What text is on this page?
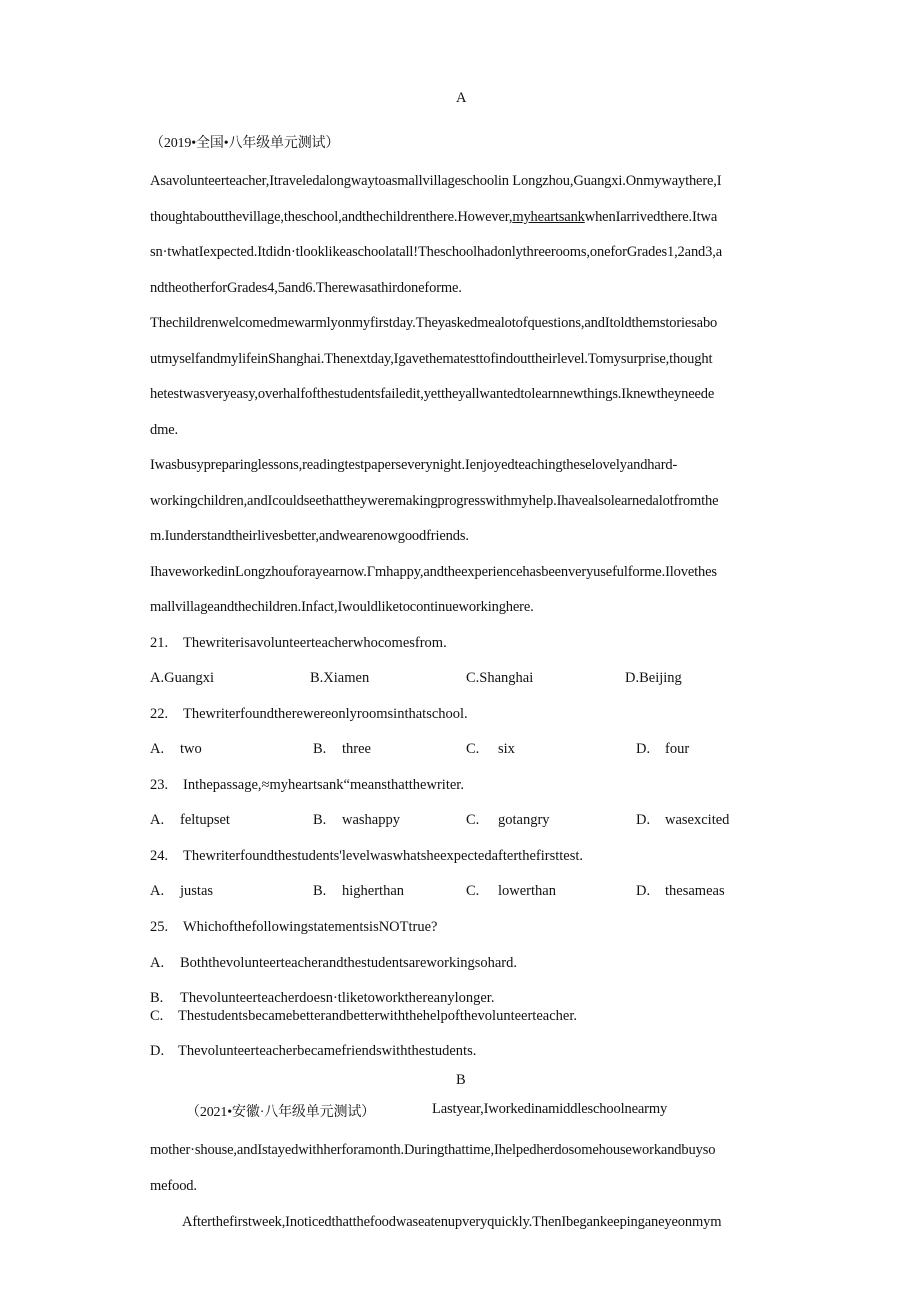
A
（2019•全国•八年级单元测试）
Asavolunteerteacher,Itraveledalongwaytoasmallvillageschoolin Longzhou,Guangxi.Onmywaythere,I
thoughtaboutthevillage,theschool,andthechildrenthere.However,myheartsankwhenIarrivedthere.Itwa
sn·twhatIexpected.Itdidn·tlooklikeaschoolatall!Theschoolhadonlythreerooms,oneforGrades1,2and3,a
ndtheotherforGrades4,5and6.Therewasathirdoneforme.
Thechildrenwelcomedmewarmlyonmyfirstday.Theyaskedmealotofquestions,andItoldthemstoriesabo
utmyselfandmylifeinShanghai.Thenextday,Igavethematesttofindouttheirlevel.Tomysurprise,thought
hetestwasveryeasy,overhalfofthestudentsfailedit,yettheyallwantedtolearnnewthings.Iknewtheyneede
dme.
Iwasbusypreparinglessons,readingtestpaperseverynight.Ienjoyedteachingtheselovelyandhard-
workingchildren,andIcouldseethattheyweremakingprogresswithmyhelp.Ihavealsolearnedalotfromthe
m.Iunderstandtheirlivesbetter,andwearenowgoodfriends.
IhaveworkedinLongzhouforayearnow.Γmhappy,andtheexperiencehasbeenveryusefulforme.Ilovethes
mallvillageandthechildren.Infact,Iwouldliketocontinueworkinghere.
21. Thewriterisavolunteerteacherwhocomesfrom.
A.Guangxi	B.Xiamen	C.Shanghai	D.Beijing
22. Thewriterfoundtherewereonlyroomsinthatschool.
A. two	B. three	C. six	D. four
23. Inthepassage,≈myheartsank“meansthatthewriter.
A. feltupset	B. washappy	C. gotangry	D. wasexcited
24. Thewriterfoundthestudents'levelwaswhatsheexpectedafterthefirsttest.
A. justas	B. higherthan	C. lowerthan	D. thesameas
25. WhichofthefollowingstatementsisNOTtrue?
A. Boththevolunteerteacherandthestudentsareworkingsohard.
B. Thevolunteerteacherdoesn·tliketoworkthereanylonger.
C. Thestudentsbecamebetterandbetterwiththehelpofthevolunteerteacher.
D. Thevolunteerteacherbecamefriendswiththestudents.
B
（2021•安徽·八年级单元测试）	Lastyear,Iworkedinamiddleschoolnearmy
mother·shouse,andIstayedwithherforamonth.Duringthattime,Ihelpedherdosomehouseworkandbuyso
mefood.
Afterthefirstweek,Inoticedthatthefoodwaseatenupveryquickly.ThenIbegankeepinganeyeonmym
